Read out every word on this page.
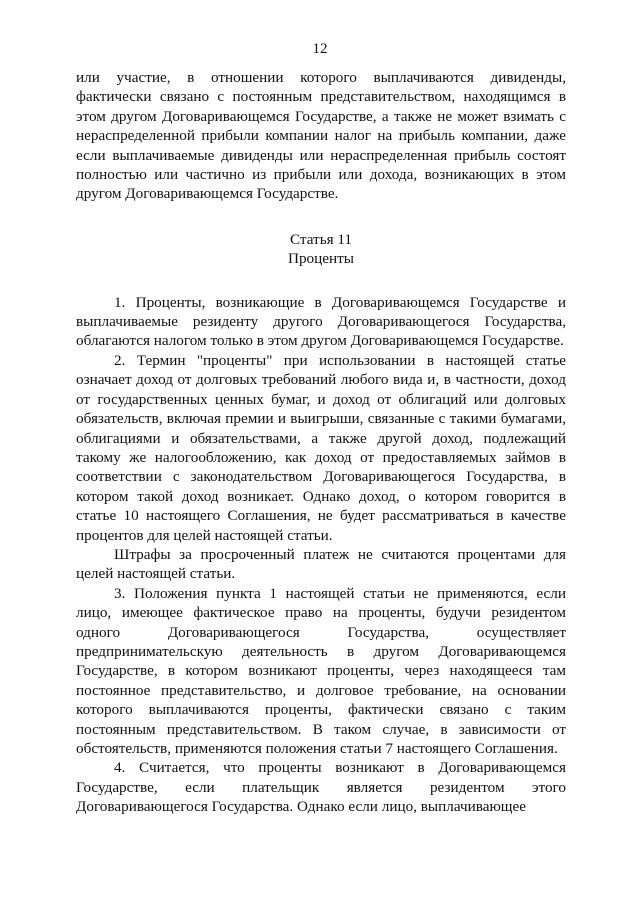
12

или участие, в отношении которого выплачиваются дивиденды, фактически связано с постоянным представительством, находящимся в этом другом Договаривающемся Государстве, а также не может взимать с нераспределенной прибыли компании налог на прибыль компании, даже если выплачиваемые дивиденды или нераспределенная прибыль состоят полностью или частично из прибыли или дохода, возникающих в этом другом Договаривающемся Государстве.

Статья 11
Проценты

1. Проценты, возникающие в Договаривающемся Государстве и выплачиваемые резиденту другого Договаривающегося Государства, облагаются налогом только в этом другом Договаривающемся Государстве.

2. Термин "проценты" при использовании в настоящей статье означает доход от долговых требований любого вида и, в частности, доход от государственных ценных бумаг, и доход от облигаций или долговых обязательств, включая премии и выигрыши, связанные с такими бумагами, облигациями и обязательствами, а также другой доход, подлежащий такому же налогообложению, как доход от предоставляемых займов в соответствии с законодательством Договаривающегося Государства, в котором такой доход возникает. Однако доход, о котором говорится в статье 10 настоящего Соглашения, не будет рассматриваться в качестве процентов для целей настоящей статьи.

Штрафы за просроченный платеж не считаются процентами для целей настоящей статьи.

3. Положения пункта 1 настоящей статьи не применяются, если лицо, имеющее фактическое право на проценты, будучи резидентом одного Договаривающегося Государства, осуществляет предпринимательскую деятельность в другом Договаривающемся Государстве, в котором возникают проценты, через находящееся там постоянное представительство, и долговое требование, на основании которого выплачиваются проценты, фактически связано с таким постоянным представительством. В таком случае, в зависимости от обстоятельств, применяются положения статьи 7 настоящего Соглашения.

4. Считается, что проценты возникают в Договаривающемся Государстве, если плательщик является резидентом этого Договаривающегося Государства. Однако если лицо, выплачивающее
